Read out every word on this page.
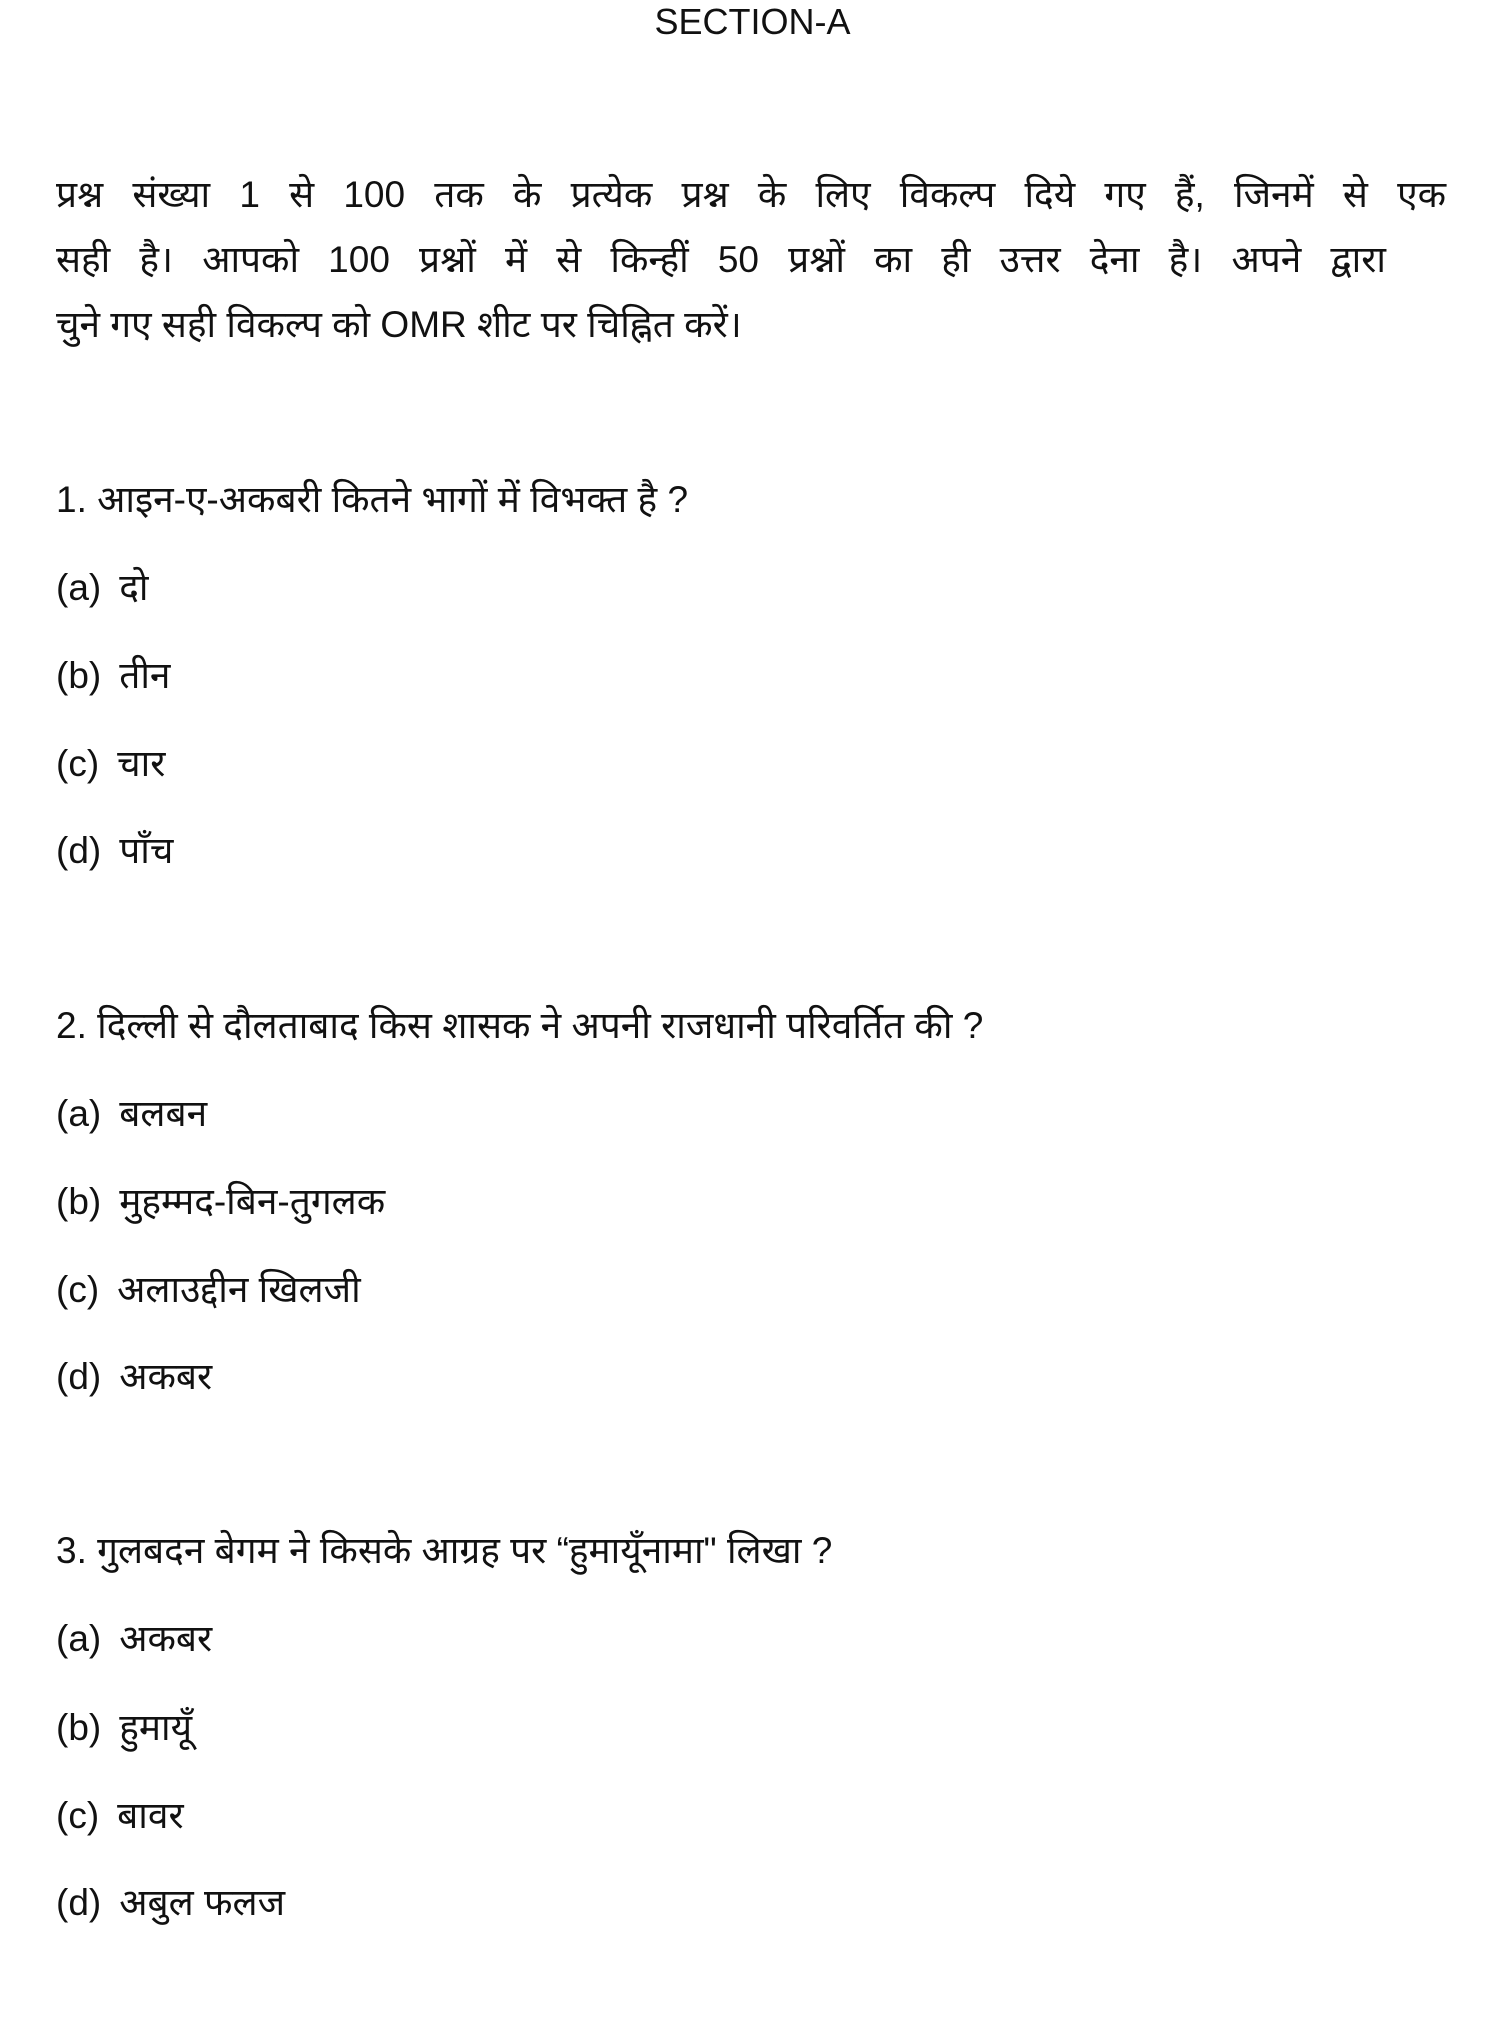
SECTION-A
प्रश्न संख्या 1 से 100 तक के प्रत्येक प्रश्न के लिए विकल्प दिये गए हैं, जिनमें से एक
सही है। आपको 100 प्रश्नों में से किन्हीं 50 प्रश्नों का ही उत्तर देना है। अपने द्वारा
चुने गए सही विकल्प को OMR शीट पर चिह्नित करें।
1. आइन-ए-अकबरी कितने भागों में विभक्त है ?
(a) दो
(b) तीन
(c) चार
(d) पाँच
2. दिल्ली से दौलताबाद किस शासक ने अपनी राजधानी परिवर्तित की ?
(a) बलबन
(b) मुहम्मद-बिन-तुगलक
(c) अलाउद्दीन खिलजी
(d) अकबर
3. गुलबदन बेगम ने किसके आग्रह पर “हुमायूँनामा" लिखा ?
(a) अकबर
(b) हुमायूँ
(c) बावर
(d) अबुल फलज
